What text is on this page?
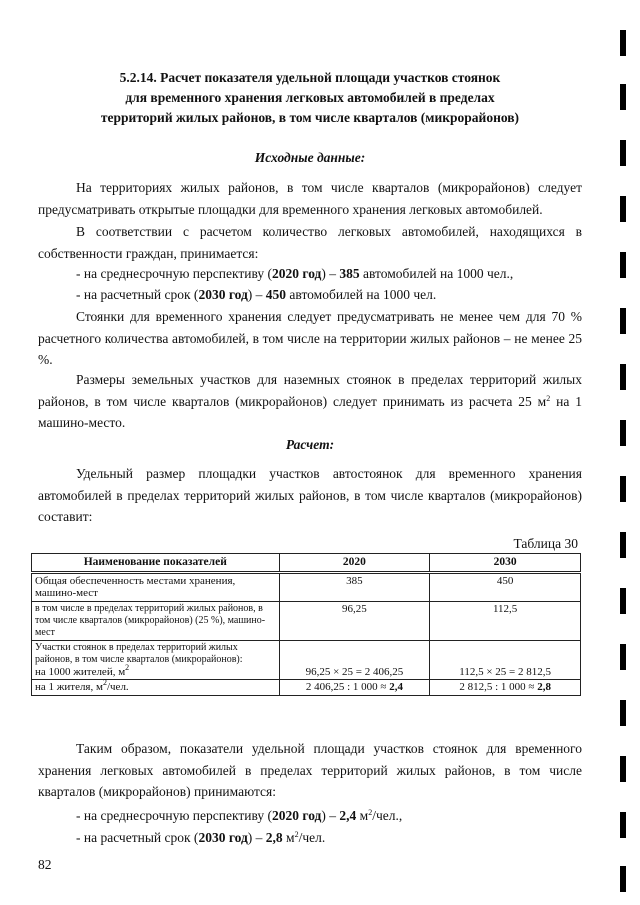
5.2.14. Расчет показателя удельной площади участков стоянок
для временного хранения легковых автомобилей в пределах
территорий жилых районов, в том числе кварталов (микрорайонов)
Исходные данные:
На территориях жилых районов, в том числе кварталов (микрорайонов) следует предусматривать открытые площадки для временного хранения легковых автомобилей.
В соответствии с расчетом количество легковых автомобилей, находящихся в собственности граждан, принимается:
- на среднесрочную перспективу (2020 год) – 385 автомобилей на 1000 чел.,
- на расчетный срок (2030 год) – 450 автомобилей на 1000 чел.
Стоянки для временного хранения следует предусматривать не менее чем для 70 % расчетного количества автомобилей, в том числе на территории жилых районов – не менее 25 %.
Размеры земельных участков для наземных стоянок в пределах территорий жилых районов, в том числе кварталов (микрорайонов) следует принимать из расчета 25 $м^2$ на 1 машино-место.
Расчет:
Удельный размер площадки участков автостоянок для временного хранения автомобилей в пределах территорий жилых районов, в том числе кварталов (микрорайонов) составит:
Таблица 30
Наименование показателей	2020	2030
Общая обеспеченность местами хранения, машино-мест	385	450
в том числе в пределах территорий жилых районов, в том числе кварталов (микрорайонов) (25 %), машино-мест	96,25	112,5

Участки стоянок в пределах территорий жилых районов, в том числе кварталов (микрорайонов):
на 1000 жителей, $м^2$	96,25 × 25 = 2 406,25	112,5 × 25 = 2 812,5
на 1 жителя, $м^2$/чел.	2 406,25 : 1 000 ≈ 2,4	2 812,5 : 1 000 ≈ 2,8
Таким образом, показатели удельной площади участков стоянок для временного хранения легковых автомобилей в пределах территорий жилых районов, в том числе кварталов (микрорайонов) принимаются:
- на среднесрочную перспективу (2020 год) – 2,4 $м^2$/чел.,
- на расчетный срок (2030 год) – 2,8 $м^2$/чел.
82
